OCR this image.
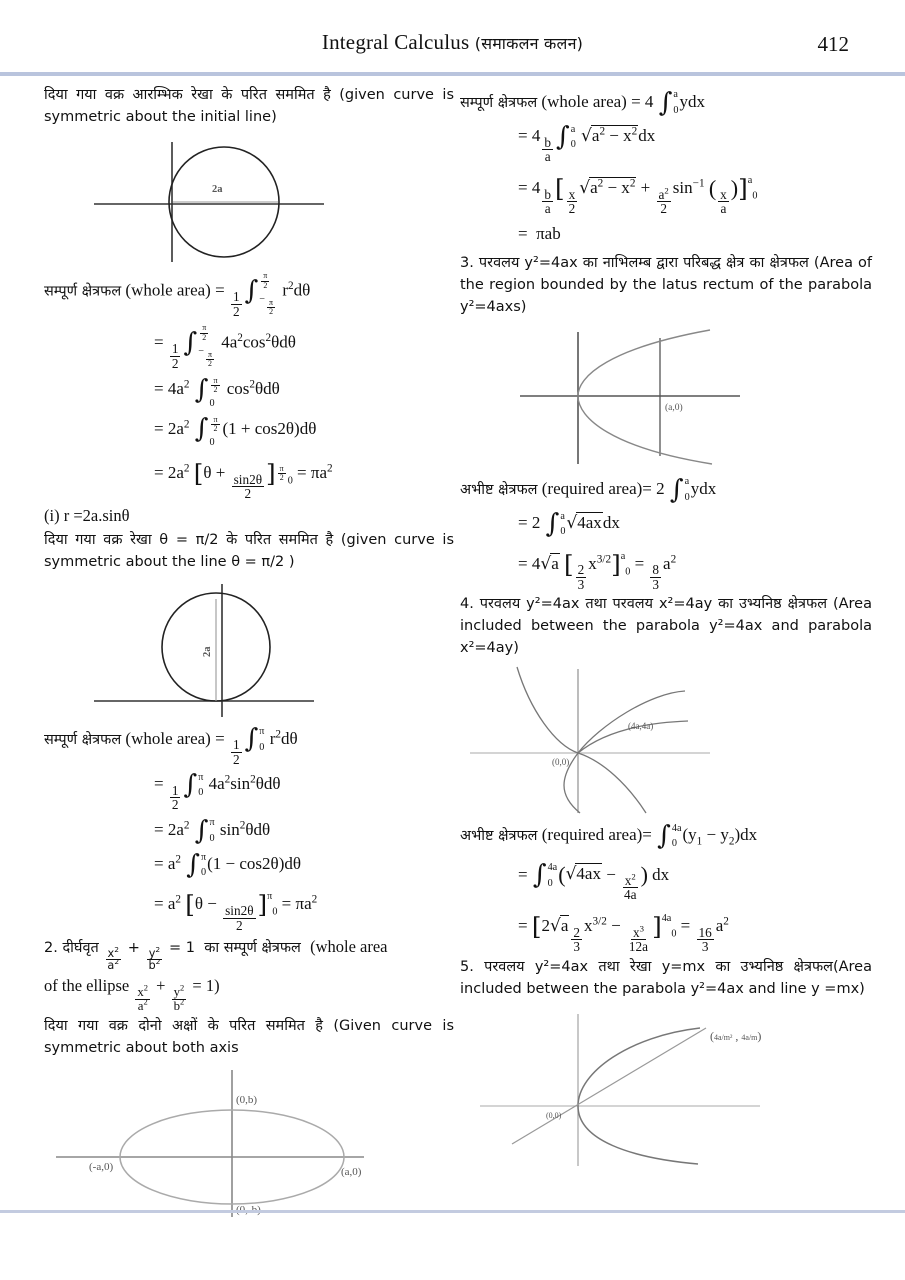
Integral Calculus (समाकलन कलन)	412

दिया गया वक्र आरम्भिक रेखा के परित सममित है (given curve is symmetric about the initial line)

2a
सम्पूर्ण क्षेत्रफल (whole area) =
$\frac{1}{2}$ ∫ $\frac{\pi}{2}$
− $\frac{\pi}{2}$
$r^2d\theta$
=
$\frac{1}{2}$ ∫ $\frac{\pi}{2}$
− $\frac{\pi}{2}$
$4a^2\cos^2\theta d\theta$
= $4a^2$ ∫ $\frac{\pi}{2}$
0
$\cos^2\theta d\theta$
= $2a^2$ ∫ $\frac{\pi}{2}$
0
(1 + cos2θ)dθ
= $2a^2$ [θ +
$\frac{\sin 2\theta}{2}$ ] $^{\frac{\pi}{2}}$ $_0 = \pi a^2$

(i) r =2a.sinθ

दिया गया वक्र रेखा θ = π/2 के परित सममित है (given curve is symmetric about the line θ = π/2 )

2a
सम्पूर्ण क्षेत्रफल (whole area) =
$\frac{1}{2}$ ∫ π
0 $r^2d\theta$
=
$\frac{1}{2}$ ∫ π
0 $4a^2\sin^2\theta d\theta$
= $2a^2$ ∫ π
0 $\sin^2\theta d\theta$
= $a^2$ ∫ π
0 (1 − cos2θ)dθ
= $a^2$ [θ −
$\frac{\sin 2\theta}{2} ]^\pi_0 = \pi a^2$

2. दीर्घवृत $\frac{x^2}{a^2} + \frac{y^2}{b^2} = 1$  का सम्पूर्ण क्षेत्रफल  (whole area

of the ellipse
$\frac{x^2}{a^2}$
+
$\frac{y^2}{b^2}$
= 1)

दिया गया वक्र दोनो अक्षों के परित सममित है (Given curve is symmetric about both axis

(0,b)
(-a,0)	(a,0)
(0,-b)
सम्पूर्ण क्षेत्रफल (whole area) = 4 ∫ a
0 ydx
= 4
$\frac{b}{a}$ ∫ a
0 $√a^2 - x^2dx$
= 4
$\frac{b}{a}$ [ $\frac{x}{2} √a^2 - x^2$ +
$\frac{a^2}{2}$
$\sin^{-1}$ ( $\frac{x}{a} )]^a_0$
=  πab

3. परवलय y²=4ax का नाभिलम्ब द्वारा परिबद्ध क्षेत्र का क्षेत्रफल (Area of the region bounded by the latus rectum of the parabola y²=4axs)

(a,0)
अभीष्ट क्षेत्रफल (required area)= 2 ∫ a
0 ydx
= 2 ∫ a
0 √4axdx
= 4√a [ $\frac{2}{3}$
$x^{3/2}]^a_0$ =
$\frac{8}{3}$
$a^2$

4. परवलय y²=4ax तथा परवलय x²=4ay का उभ्यनिष्ठ क्षेत्रफल (Area included between the parabola y²=4ax and parabola x²=4ay)

(4a,4a)
(0,0)
अभीष्ट क्षेत्रफल (required area)= ∫ 4a
0 $(y_1 - y_2)dx$
= ∫ 4a
0 (√4ax −
$\frac{x^2}{4a}$ ) dx
= [2√a
$\frac{2}{3}$
$x^{3/2}$ −
$\frac{x^3}{12a} ]^{4a}_0$ =
$\frac{16}{3}$
$a^2$

5. परवलय y²=4ax तथा रेखा y=mx का उभ्यनिष्ठ क्षेत्रफल(Area included between the parabola y²=4ax and line y =mx)

(4a/m² , 4a/m)
(0,0)
